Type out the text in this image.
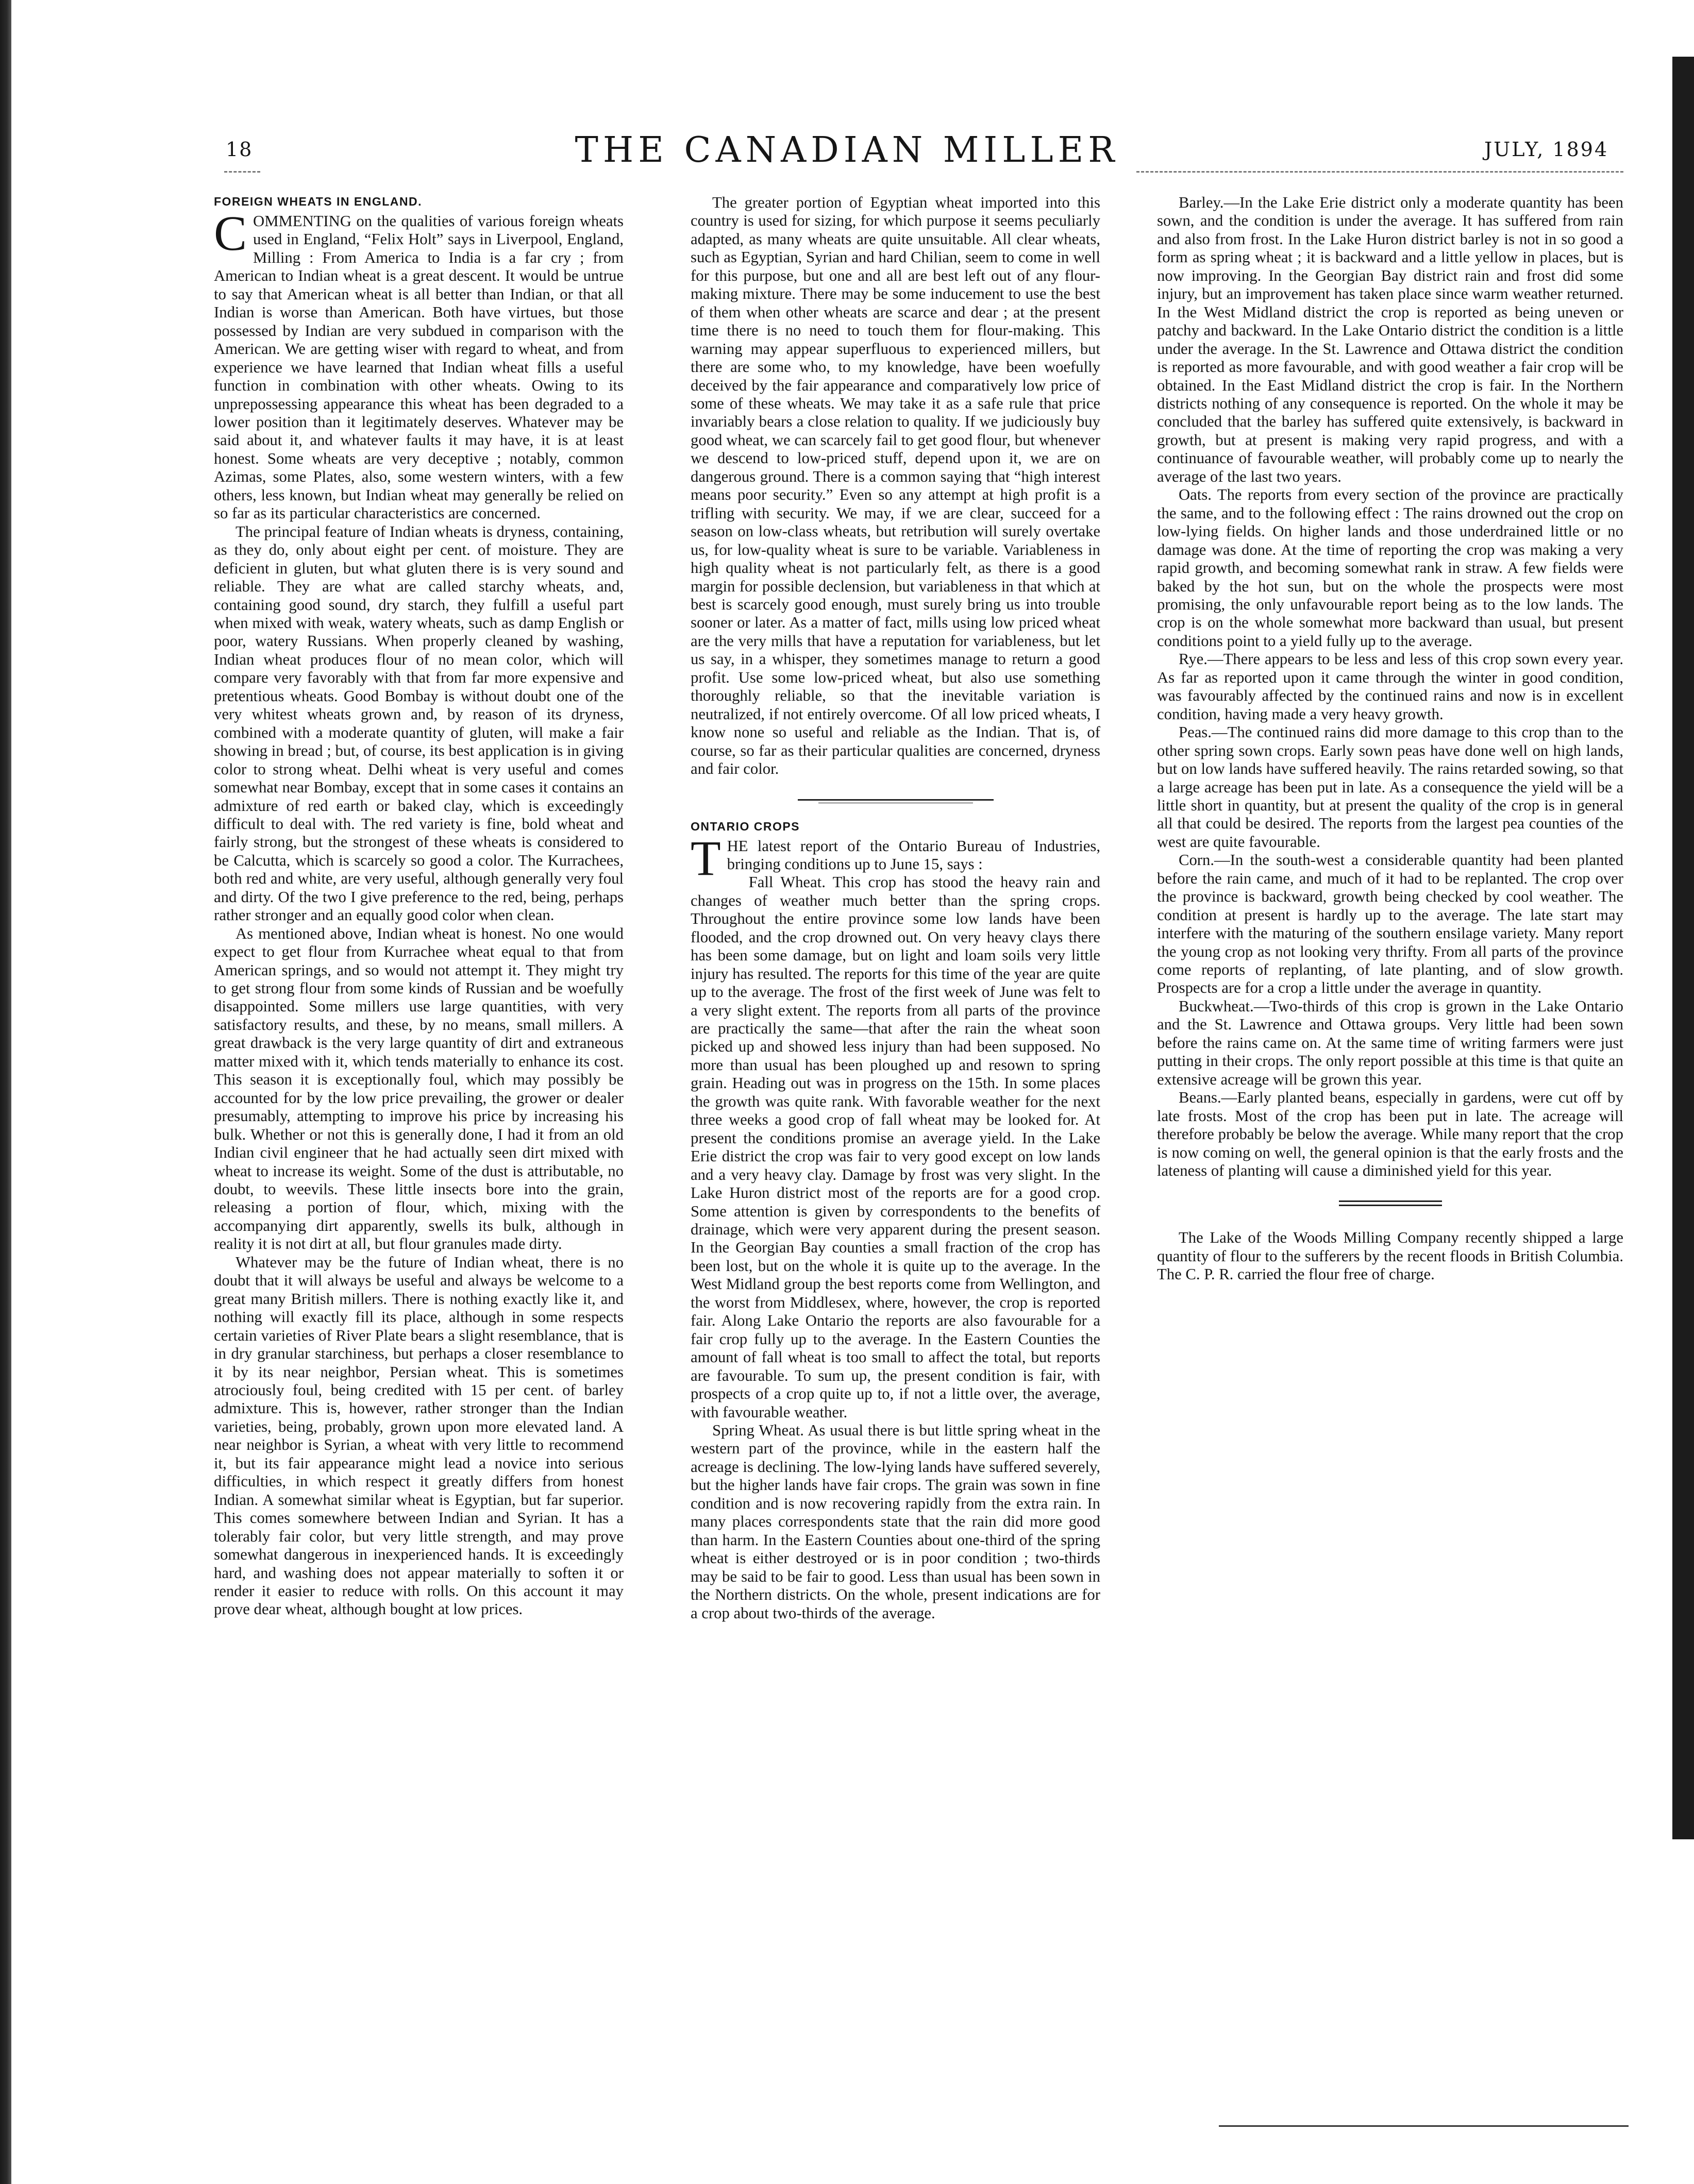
18	THE CANADIAN MILLER	JULY, 1894
FOREIGN WHEATS IN ENGLAND.

COMMENTING on the qualities of various foreign wheats used in England, “Felix Holt” says in Liverpool, England, Milling : From America to India is a far cry ; from American to Indian wheat is a great descent. It would be untrue to say that American wheat is all better than Indian, or that all Indian is worse than American. Both have virtues, but those possessed by Indian are very subdued in comparison with the American. We are getting wiser with regard to wheat, and from experience we have learned that Indian wheat fills a useful function in combination with other wheats. Owing to its unprepossessing appearance this wheat has been degraded to a lower position than it legitimately deserves. Whatever may be said about it, and whatever faults it may have, it is at least honest. Some wheats are very deceptive ; notably, common Azimas, some Plates, also, some western winters, with a few others, less known, but Indian wheat may generally be relied on so far as its particular characteristics are concerned.

The principal feature of Indian wheats is dryness, containing, as they do, only about eight per cent. of moisture. They are deficient in gluten, but what gluten there is is very sound and reliable. They are what are called starchy wheats, and, containing good sound, dry starch, they fulfill a useful part when mixed with weak, watery wheats, such as damp English or poor, watery Russians. When properly cleaned by washing, Indian wheat produces flour of no mean color, which will compare very favorably with that from far more expensive and pretentious wheats. Good Bombay is without doubt one of the very whitest wheats grown and, by reason of its dryness, combined with a moderate quantity of gluten, will make a fair showing in bread ; but, of course, its best application is in giving color to strong wheat. Delhi wheat is very useful and comes somewhat near Bombay, except that in some cases it contains an admixture of red earth or baked clay, which is exceedingly difficult to deal with. The red variety is fine, bold wheat and fairly strong, but the strongest of these wheats is considered to be Calcutta, which is scarcely so good a color. The Kurrachees, both red and white, are very useful, although generally very foul and dirty. Of the two I give preference to the red, being, perhaps rather stronger and an equally good color when clean.

As mentioned above, Indian wheat is honest. No one would expect to get flour from Kurrachee wheat equal to that from American springs, and so would not attempt it. They might try to get strong flour from some kinds of Russian and be woefully disappointed. Some millers use large quantities, with very satisfactory results, and these, by no means, small millers. A great drawback is the very large quantity of dirt and extraneous matter mixed with it, which tends materially to enhance its cost. This season it is exceptionally foul, which may possibly be accounted for by the low price prevailing, the grower or dealer presumably, attempting to improve his price by increasing his bulk. Whether or not this is generally done, I had it from an old Indian civil engineer that he had actually seen dirt mixed with wheat to increase its weight. Some of the dust is attributable, no doubt, to weevils. These little insects bore into the grain, releasing a portion of flour, which, mixing with the accompanying dirt apparently, swells its bulk, although in reality it is not dirt at all, but flour granules made dirty.

Whatever may be the future of Indian wheat, there is no doubt that it will always be useful and always be welcome to a great many British millers. There is nothing exactly like it, and nothing will exactly fill its place, although in some respects certain varieties of River Plate bears a slight resemblance, that is in dry granular starchiness, but perhaps a closer resemblance to it by its near neighbor, Persian wheat. This is sometimes atrociously foul, being credited with 15 per cent. of barley admixture. This is, however, rather stronger than the Indian varieties, being, probably, grown upon more elevated land. A near neighbor is Syrian, a wheat with very little to recommend it, but its fair appearance might lead a novice into serious difficulties, in which respect it greatly differs from honest Indian. A somewhat similar wheat is Egyptian, but far superior. This comes somewhere between Indian and Syrian. It has a tolerably fair color, but very little strength, and may prove somewhat dangerous in inexperienced hands. It is exceedingly hard, and washing does not appear materially to soften it or render it easier to reduce with rolls. On this account it may prove dear wheat, although bought at low prices.

The greater portion of Egyptian wheat imported into this country is used for sizing, for which purpose it seems peculiarly adapted, as many wheats are quite unsuitable. All clear wheats, such as Egyptian, Syrian and hard Chilian, seem to come in well for this purpose, but one and all are best left out of any flour-making mixture. There may be some inducement to use the best of them when other wheats are scarce and dear ; at the present time there is no need to touch them for flour-making. This warning may appear superfluous to experienced millers, but there are some who, to my knowledge, have been woefully deceived by the fair appearance and comparatively low price of some of these wheats. We may take it as a safe rule that price invariably bears a close relation to quality. If we judiciously buy good wheat, we can scarcely fail to get good flour, but whenever we descend to low-priced stuff, depend upon it, we are on dangerous ground. There is a common saying that “high interest means poor security.” Even so any attempt at high profit is a trifling with security. We may, if we are clear, succeed for a season on low-class wheats, but retribution will surely overtake us, for low-quality wheat is sure to be variable. Variableness in high quality wheat is not particularly felt, as there is a good margin for possible declension, but variableness in that which at best is scarcely good enough, must surely bring us into trouble sooner or later. As a matter of fact, mills using low priced wheat are the very mills that have a reputation for variableness, but let us say, in a whisper, they sometimes manage to return a good profit. Use some low-priced wheat, but also use something thoroughly reliable, so that the inevitable variation is neutralized, if not entirely overcome. Of all low priced wheats, I know none so useful and reliable as the Indian. That is, of course, so far as their particular qualities are concerned, dryness and fair color.

ONTARIO CROPS

THE latest report of the Ontario Bureau of Industries, bringing conditions up to June 15, says :

Fall Wheat. This crop has stood the heavy rain and changes of weather much better than the spring crops. Throughout the entire province some low lands have been flooded, and the crop drowned out. On very heavy clays there has been some damage, but on light and loam soils very little injury has resulted. The reports for this time of the year are quite up to the average. The frost of the first week of June was felt to a very slight extent. The reports from all parts of the province are practically the same—that after the rain the wheat soon picked up and showed less injury than had been supposed. No more than usual has been ploughed up and resown to spring grain. Heading out was in progress on the 15th. In some places the growth was quite rank. With favorable weather for the next three weeks a good crop of fall wheat may be looked for. At present the conditions promise an average yield. In the Lake Erie district the crop was fair to very good except on low lands and a very heavy clay. Damage by frost was very slight. In the Lake Huron district most of the reports are for a good crop. Some attention is given by correspondents to the benefits of drainage, which were very apparent during the present season. In the Georgian Bay counties a small fraction of the crop has been lost, but on the whole it is quite up to the average. In the West Midland group the best reports come from Wellington, and the worst from Middlesex, where, however, the crop is reported fair. Along Lake Ontario the reports are also favourable for a fair crop fully up to the average. In the Eastern Counties the amount of fall wheat is too small to affect the total, but reports are favourable. To sum up, the present condition is fair, with prospects of a crop quite up to, if not a little over, the average, with favourable weather.

Spring Wheat. As usual there is but little spring wheat in the western part of the province, while in the eastern half the acreage is declining. The low-lying lands have suffered severely, but the higher lands have fair crops. The grain was sown in fine condition and is now recovering rapidly from the extra rain. In many places correspondents state that the rain did more good than harm. In the Eastern Counties about one-third of the spring wheat is either destroyed or is in poor condition ; two-thirds may be said to be fair to good. Less than usual has been sown in the Northern districts. On the whole, present indications are for a crop about two-thirds of the average.

Barley.—In the Lake Erie district only a moderate quantity has been sown, and the condition is under the average. It has suffered from rain and also from frost. In the Lake Huron district barley is not in so good a form as spring wheat ; it is backward and a little yellow in places, but is now improving. In the Georgian Bay district rain and frost did some injury, but an improvement has taken place since warm weather returned. In the West Midland district the crop is reported as being uneven or patchy and backward. In the Lake Ontario district the condition is a little under the average. In the St. Lawrence and Ottawa district the condition is reported as more favourable, and with good weather a fair crop will be obtained. In the East Midland district the crop is fair. In the Northern districts nothing of any consequence is reported. On the whole it may be concluded that the barley has suffered quite extensively, is backward in growth, but at present is making very rapid progress, and with a continuance of favourable weather, will probably come up to nearly the average of the last two years.

Oats. The reports from every section of the province are practically the same, and to the following effect : The rains drowned out the crop on low-lying fields. On higher lands and those underdrained little or no damage was done. At the time of reporting the crop was making a very rapid growth, and becoming somewhat rank in straw. A few fields were baked by the hot sun, but on the whole the prospects were most promising, the only unfavourable report being as to the low lands. The crop is on the whole somewhat more backward than usual, but present conditions point to a yield fully up to the average.

Rye.—There appears to be less and less of this crop sown every year. As far as reported upon it came through the winter in good condition, was favourably affected by the continued rains and now is in excellent condition, having made a very heavy growth.

Peas.—The continued rains did more damage to this crop than to the other spring sown crops. Early sown peas have done well on high lands, but on low lands have suffered heavily. The rains retarded sowing, so that a large acreage has been put in late. As a consequence the yield will be a little short in quantity, but at present the quality of the crop is in general all that could be desired. The reports from the largest pea counties of the west are quite favourable.

Corn.—In the south-west a considerable quantity had been planted before the rain came, and much of it had to be replanted. The crop over the province is backward, growth being checked by cool weather. The condition at present is hardly up to the average. The late start may interfere with the maturing of the southern ensilage variety. Many report the young crop as not looking very thrifty. From all parts of the province come reports of replanting, of late planting, and of slow growth. Prospects are for a crop a little under the average in quantity.

Buckwheat.—Two-thirds of this crop is grown in the Lake Ontario and the St. Lawrence and Ottawa groups. Very little had been sown before the rains came on. At the same time of writing farmers were just putting in their crops. The only report possible at this time is that quite an extensive acreage will be grown this year.

Beans.—Early planted beans, especially in gardens, were cut off by late frosts. Most of the crop has been put in late. The acreage will therefore probably be below the average. While many report that the crop is now coming on well, the general opinion is that the early frosts and the lateness of planting will cause a diminished yield for this year.

The Lake of the Woods Milling Company recently shipped a large quantity of flour to the sufferers by the recent floods in British Columbia. The C. P. R. carried the flour free of charge.
